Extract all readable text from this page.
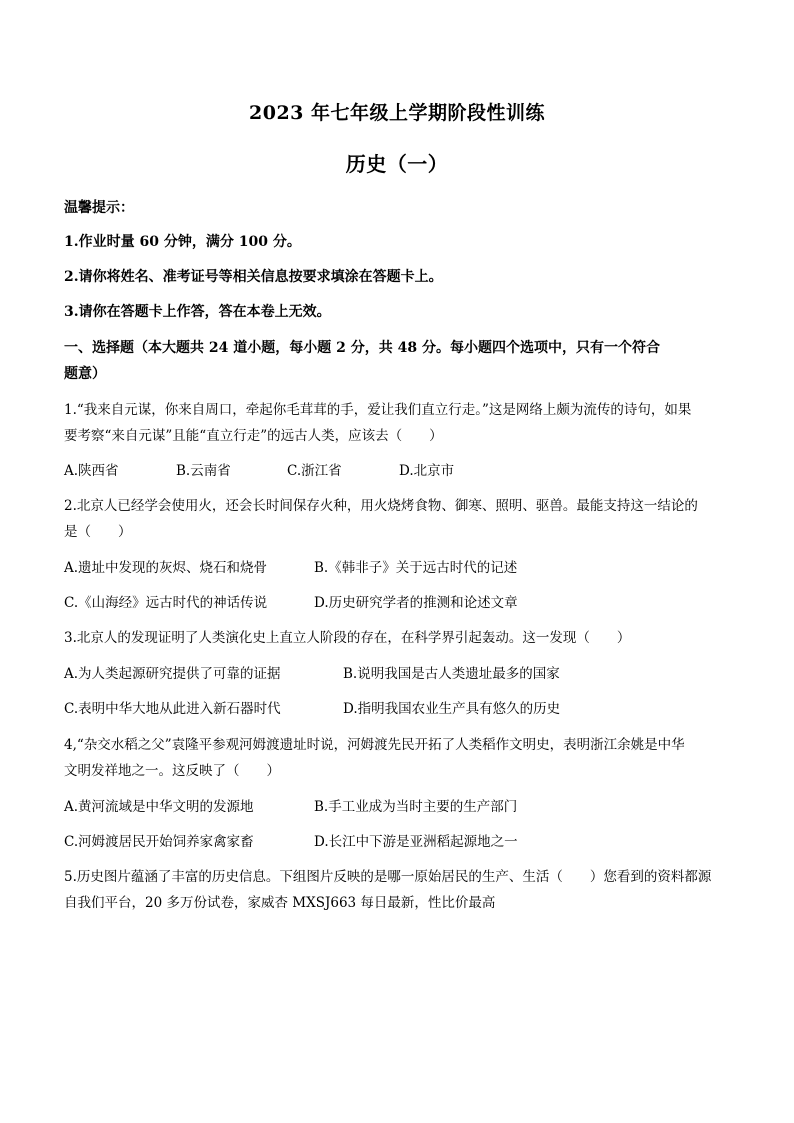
2023 年七年级上学期阶段性训练
历史（一）
温馨提示：
1.作业时量 60 分钟，满分 100 分。
2.请你将姓名、准考证号等相关信息按要求填涂在答题卡上。
3.请你在答题卡上作答，答在本卷上无效。
一、选择题（本大题共 24 道小题，每小题 2 分，共 48 分。每小题四个选项中，只有一个符合
题意）
1.“我来自元谋，你来自周口，牵起你毛茸茸的手，爱让我们直立行走。”这是网络上颇为流传的诗句，如果
要考察“来自元谋”且能“直立行走”的远古人类，应该去（　　）
A.陕西省	B.云南省	C.浙江省	D.北京市
2.北京人已经学会使用火，还会长时间保存火种，用火烧烤食物、御寒、照明、驱兽。最能支持这一结论的
是（　　）
A.遗址中发现的灰烬、烧石和烧骨	B.《韩非子》关于远古时代的记述
C.《山海经》远古时代的神话传说	D.历史研究学者的推测和论述文章
3.北京人的发现证明了人类演化史上直立人阶段的存在，在科学界引起轰动。这一发现（　　）
A.为人类起源研究提供了可靠的证据	B.说明我国是古人类遗址最多的国家
C.表明中华大地从此进入新石器时代	D.指明我国农业生产具有悠久的历史
4,“杂交水稻之父”袁隆平参观河姆渡遗址时说，河姆渡先民开拓了人类稻作文明史，表明浙江余姚是中华
文明发祥地之一。这反映了（　　）
A.黄河流域是中华文明的发源地	B.手工业成为当时主要的生产部门
C.河姆渡居民开始饲养家禽家畜	D.长江中下游是亚洲稻起源地之一
5.历史图片蕴涵了丰富的历史信息。下组图片反映的是哪一原始居民的生产、生活（　　）您看到的资料都源
自我们平台，20 多万份试卷，家威杏 MXSJ663 每日最新，性比价最高
